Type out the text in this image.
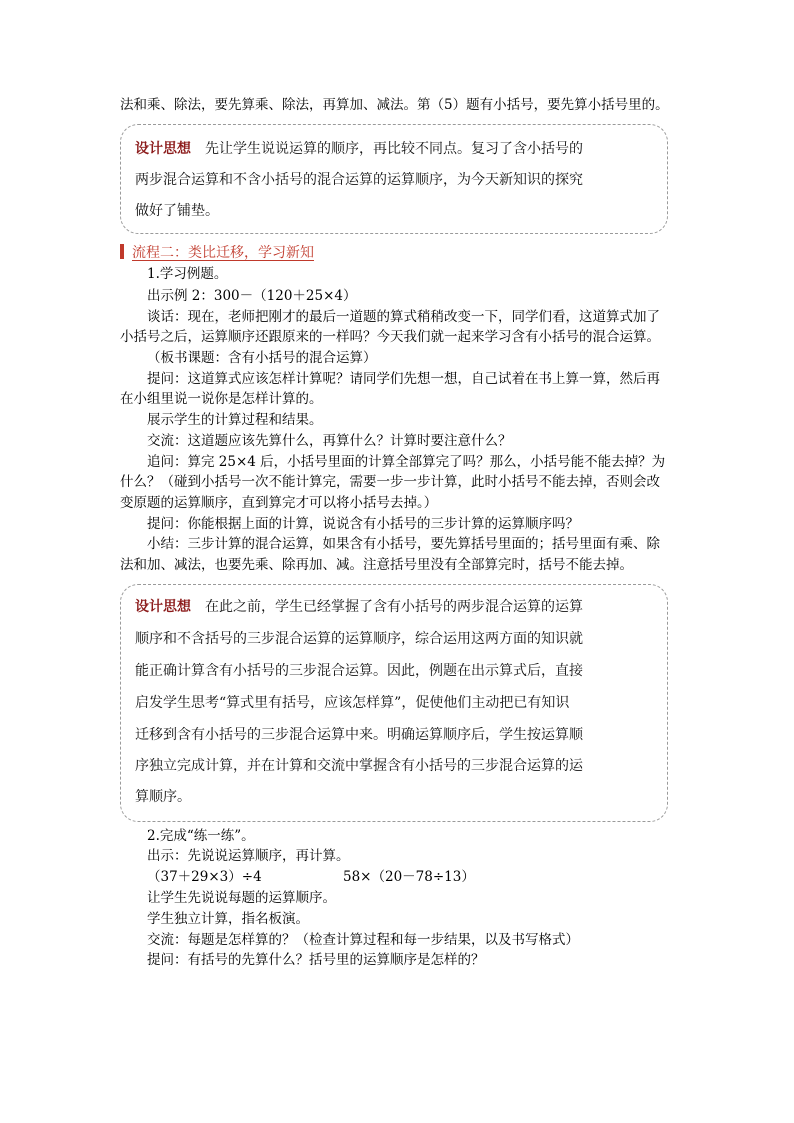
法和乘、除法，要先算乘、除法，再算加、减法。第（5）题有小括号，要先算小括号里的。
设计思想 先让学生说说运算的顺序，再比较不同点。复习了含小括号的
两步混合运算和不含小括号的混合运算的运算顺序，为今天新知识的探究
做好了铺垫。
流程二：类比迁移，学习新知
1.学习例题。
出示例 2：300－（120＋25×4）
谈话：现在，老师把刚才的最后一道题的算式稍稍改变一下，同学们看，这道算式加了
小括号之后，运算顺序还跟原来的一样吗？今天我们就一起来学习含有小括号的混合运算。
（板书课题：含有小括号的混合运算）
提问：这道算式应该怎样计算呢？请同学们先想一想，自己试着在书上算一算，然后再
在小组里说一说你是怎样计算的。
展示学生的计算过程和结果。
交流：这道题应该先算什么，再算什么？计算时要注意什么？
追问：算完 25×4 后，小括号里面的计算全部算完了吗？那么，小括号能不能去掉？为
什么？（碰到小括号一次不能计算完，需要一步一步计算，此时小括号不能去掉，否则会改
变原题的运算顺序，直到算完才可以将小括号去掉。）
提问：你能根据上面的计算，说说含有小括号的三步计算的运算顺序吗？
小结：三步计算的混合运算，如果含有小括号，要先算括号里面的；括号里面有乘、除
法和加、减法，也要先乘、除再加、减。注意括号里没有全部算完时，括号不能去掉。
设计思想 在此之前，学生已经掌握了含有小括号的两步混合运算的运算
顺序和不含括号的三步混合运算的运算顺序，综合运用这两方面的知识就
能正确计算含有小括号的三步混合运算。因此，例题在出示算式后，直接
启发学生思考“算式里有括号，应该怎样算”，促使他们主动把已有知识
迁移到含有小括号的三步混合运算中来。明确运算顺序后，学生按运算顺
序独立完成计算，并在计算和交流中掌握含有小括号的三步混合运算的运
算顺序。
2.完成“练一练”。
出示：先说说运算顺序，再计算。
（37＋29×3）÷4	58×（20－78÷13）
让学生先说说每题的运算顺序。
学生独立计算，指名板演。
交流：每题是怎样算的？（检查计算过程和每一步结果，以及书写格式）
提问：有括号的先算什么？括号里的运算顺序是怎样的？
